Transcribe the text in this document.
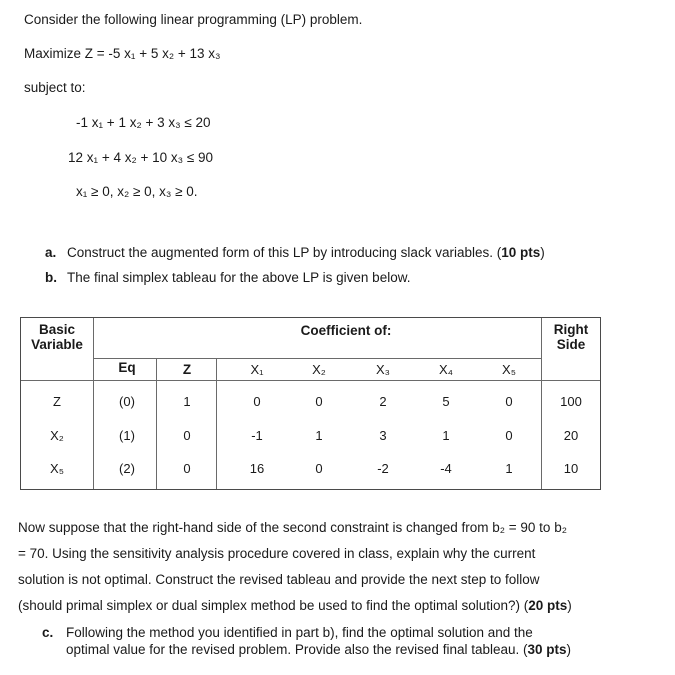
Consider the following linear programming (LP) problem.
Maximize Z = -5 x₁ + 5 x₂ + 13 x₃
subject to:
-1 x₁ + 1 x₂ + 3 x₃ ≤ 20
12 x₁ + 4 x₂ + 10 x₃ ≤ 90
x₁ ≥ 0, x₂ ≥ 0, x₃ ≥ 0.
a. Construct the augmented form of this LP by introducing slack variables. (10 pts)
b. The final simplex tableau for the above LP is given below.
Basic
Variable
Coefficient of:	Right
Side
Eq	Z	X₁	X₂	X₃	X₄	X₅
Z	(0)	1	0	0	2	5	0	100
X₂	(1)	0	-1	1	3	1	0	20
X₅	(2)	0	16	0	-2	-4	1	10
Now suppose that the right-hand side of the second constraint is changed from b₂ = 90 to b₂
= 70. Using the sensitivity analysis procedure covered in class, explain why the current
solution is not optimal. Construct the revised tableau and provide the next step to follow
(should primal simplex or dual simplex method be used to find the optimal solution?) (20 pts)
c. Following the method you identified in part b), find the optimal solution and the
optimal value for the revised problem. Provide also the revised final tableau. (30 pts)
